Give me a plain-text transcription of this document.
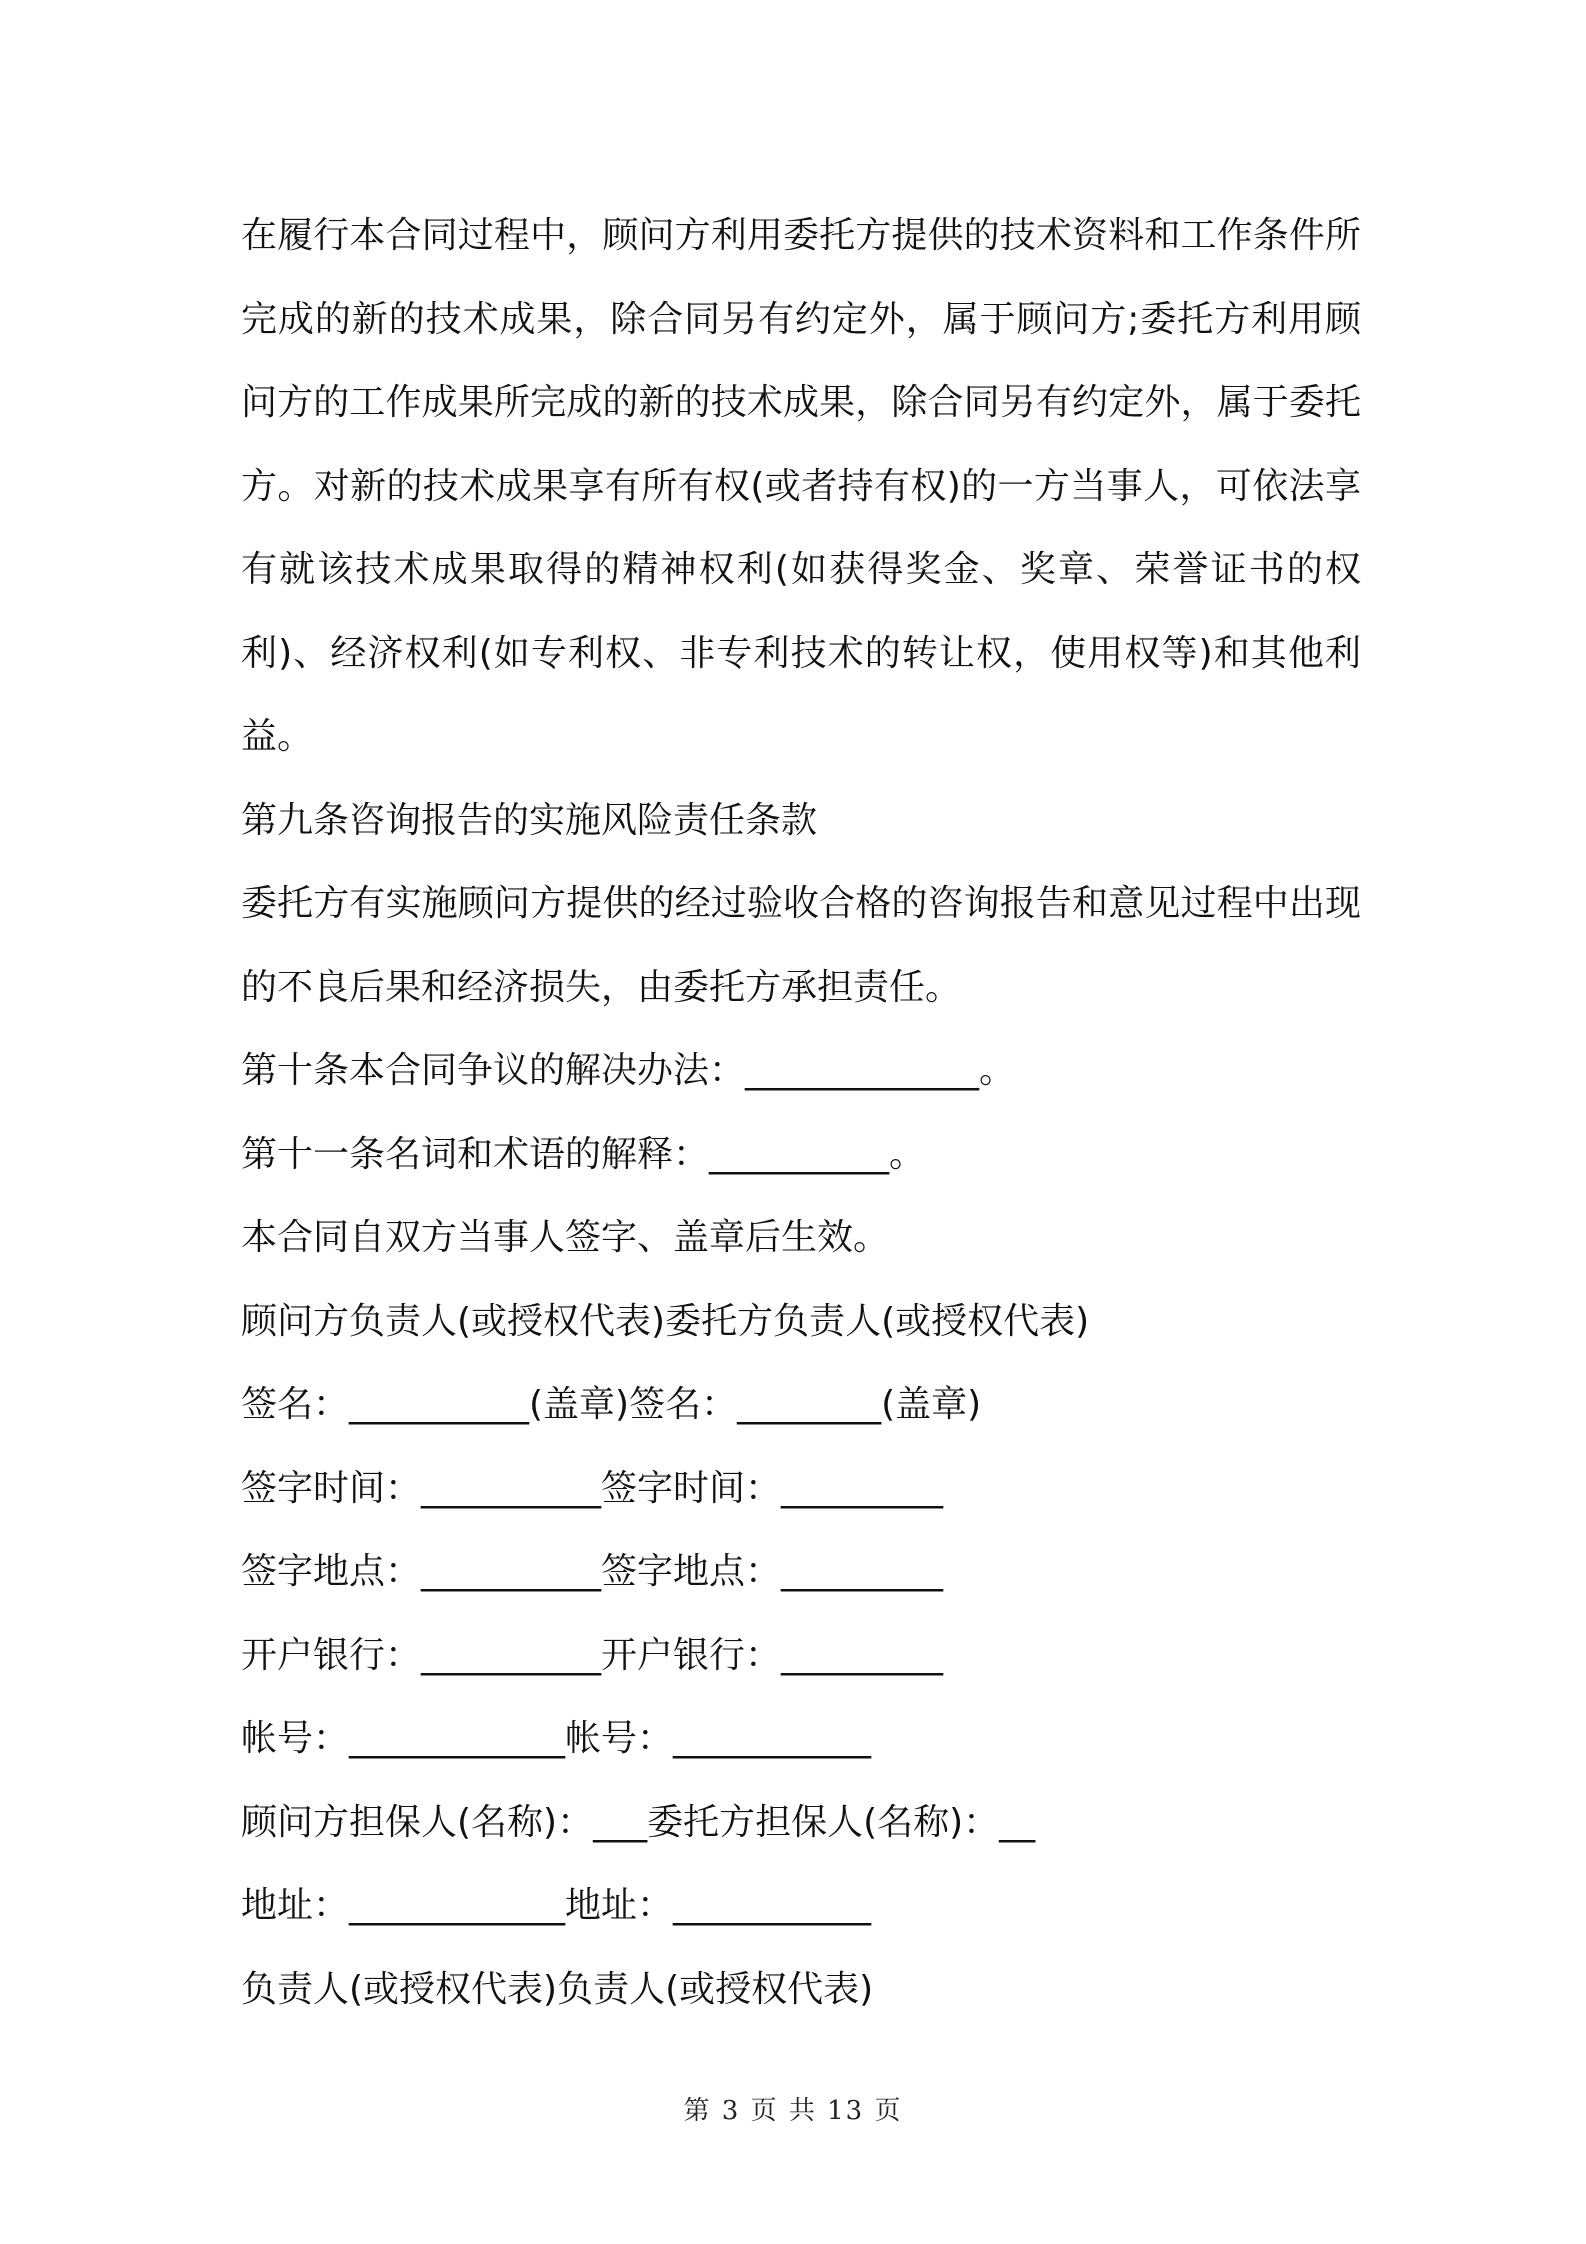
在履行本合同过程中，顾问方利用委托方提供的技术资料和工作条件所完成的新的技术成果，除合同另有约定外，属于顾问方;委托方利用顾问方的工作成果所完成的新的技术成果，除合同另有约定外，属于委托方。对新的技术成果享有所有权(或者持有权)的一方当事人，可依法享有就该技术成果取得的精神权利(如获得奖金、奖章、荣誉证书的权利)、经济权利(如专利权、非专利技术的转让权，使用权等)和其他利益。

第九条咨询报告的实施风险责任条款

委托方有实施顾问方提供的经过验收合格的咨询报告和意见过程中出现的不良后果和经济损失，由委托方承担责任。

第十条本合同争议的解决办法：_____________。
第十一条名词和术语的解释：__________。
本合同自双方当事人签字、盖章后生效。
顾问方负责人(或授权代表)委托方负责人(或授权代表)
签名：__________(盖章)签名：________(盖章)
签字时间：__________签字时间：_________
签字地点：__________签字地点：_________
开户银行：__________开户银行：_________
帐号：____________帐号：___________
顾问方担保人(名称)：___委托方担保人(名称)：__
地址：____________地址：___________
负责人(或授权代表)负责人(或授权代表)
第 3 页 共 13 页
